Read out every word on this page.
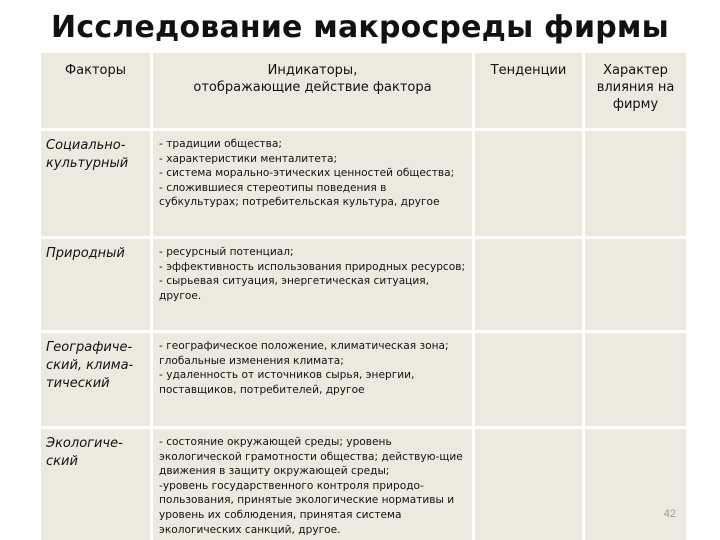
Исследование макросреды фирмы
Факторы	Индикаторы,
отображающие действие фактора	Тенденции	Характер влияния на фирму
Социально-культурный	- традиции общества;
- характеристики менталитета;
- система морально-этических ценностей общества;
- сложившиеся стереотипы поведения в субкультурах; потребительская культура, другое		
Природный	- ресурсный потенциал;
- эффективность использования природных ресурсов;
- сырьевая ситуация, энергетическая ситуация, другое.		
Географиче-ский, клима-тический	- географическое положение, климатическая зона; глобальные изменения климата;
- удаленность от источников сырья, энергии, поставщиков, потребителей, другое		
Экологиче-ский	- состояние окружающей среды; уровень экологической грамотности общества; действую-щие движения в защиту окружающей среды;
-уровень государственного контроля природо-пользования, принятые экологические нормативы и уровень их соблюдения, принятая система экологических санкций, другое.		
42
